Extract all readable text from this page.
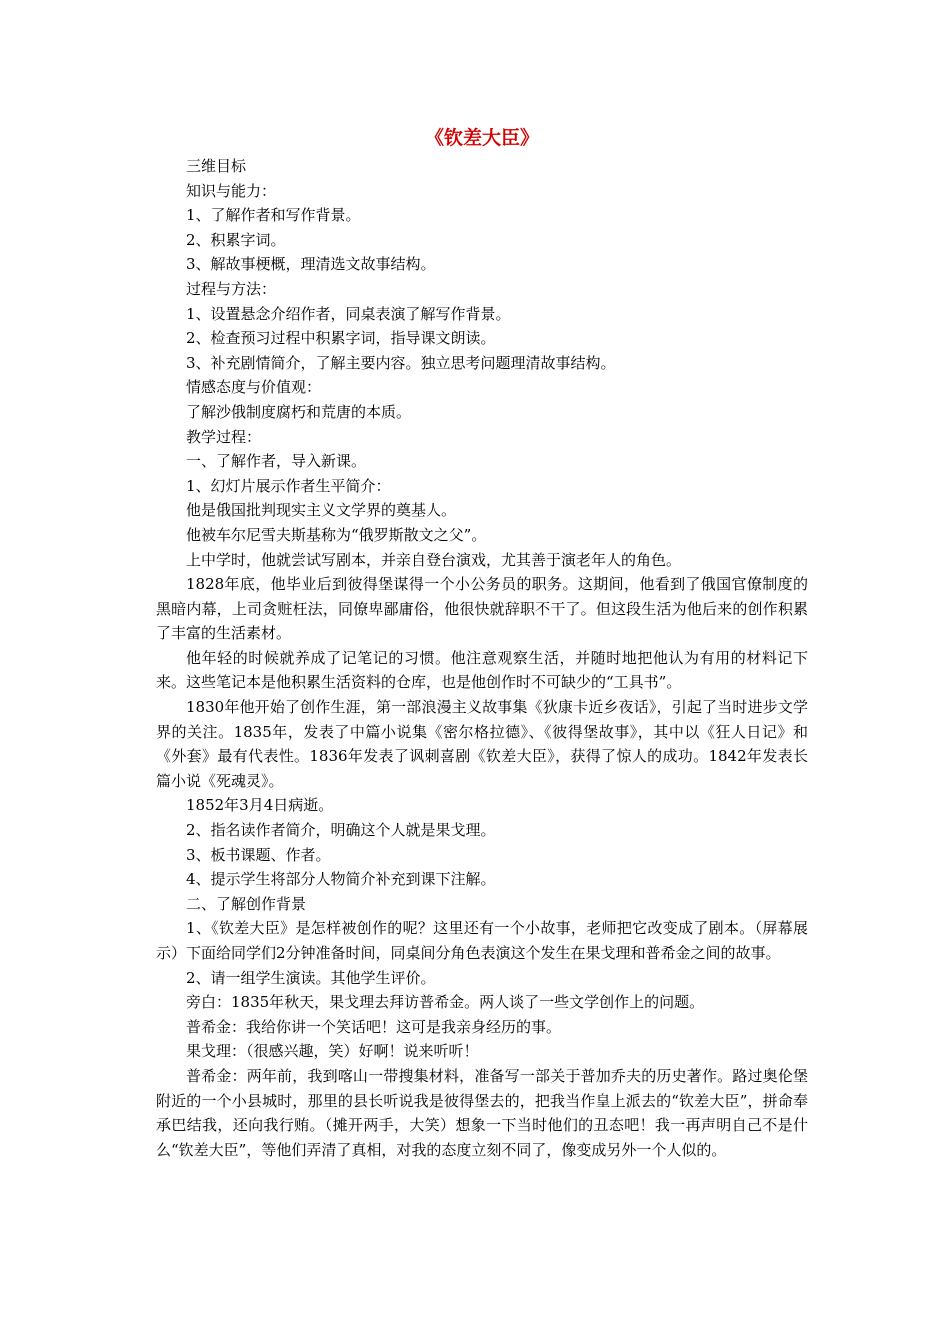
《钦差大臣》

三维目标

知识与能力：

1、了解作者和写作背景。

2、积累字词。

3、解故事梗概，理清选文故事结构。

过程与方法：

1、设置悬念介绍作者，同桌表演了解写作背景。

2、检查预习过程中积累字词，指导课文朗读。

3、补充剧情简介，了解主要内容。独立思考问题理清故事结构。

情感态度与价值观：

了解沙俄制度腐朽和荒唐的本质。

教学过程：

一、了解作者，导入新课。

1、幻灯片展示作者生平简介：

他是俄国批判现实主义文学界的奠基人。

他被车尔尼雪夫斯基称为“俄罗斯散文之父”。

上中学时，他就尝试写剧本，并亲自登台演戏，尤其善于演老年人的角色。

1828年底，他毕业后到彼得堡谋得一个小公务员的职务。这期间，他看到了俄国官僚制度的黑暗内幕，上司贪赃枉法，同僚卑鄙庸俗，他很快就辞职不干了。但这段生活为他后来的创作积累了丰富的生活素材。

他年轻的时候就养成了记笔记的习惯。他注意观察生活，并随时地把他认为有用的材料记下来。这些笔记本是他积累生活资料的仓库，也是他创作时不可缺少的“工具书”。

1830年他开始了创作生涯，第一部浪漫主义故事集《狄康卡近乡夜话》，引起了当时进步文学界的关注。1835年，发表了中篇小说集《密尔格拉德》、《彼得堡故事》，其中以《狂人日记》和《外套》最有代表性。1836年发表了讽刺喜剧《钦差大臣》，获得了惊人的成功。1842年发表长篇小说《死魂灵》。

1852年3月4日病逝。

2、指名读作者简介，明确这个人就是果戈理。

3、板书课题、作者。

4、提示学生将部分人物简介补充到课下注解。

二、了解创作背景

1、《钦差大臣》是怎样被创作的呢？这里还有一个小故事，老师把它改变成了剧本。（屏幕展示）下面给同学们2分钟准备时间，同桌间分角色表演这个发生在果戈理和普希金之间的故事。

2、请一组学生演读。其他学生评价。

旁白：1835年秋天，果戈理去拜访普希金。两人谈了一些文学创作上的问题。

普希金：我给你讲一个笑话吧！这可是我亲身经历的事。

果戈理：（很感兴趣，笑）好啊！说来听听！

普希金：两年前，我到喀山一带搜集材料，准备写一部关于普加乔夫的历史著作。路过奥伦堡附近的一个小县城时，那里的县长听说我是彼得堡去的，把我当作皇上派去的“钦差大臣”，拼命奉承巴结我，还向我行贿。（摊开两手，大笑）想象一下当时他们的丑态吧！我一再声明自己不是什么“钦差大臣”，等他们弄清了真相，对我的态度立刻不同了，像变成另外一个人似的。
